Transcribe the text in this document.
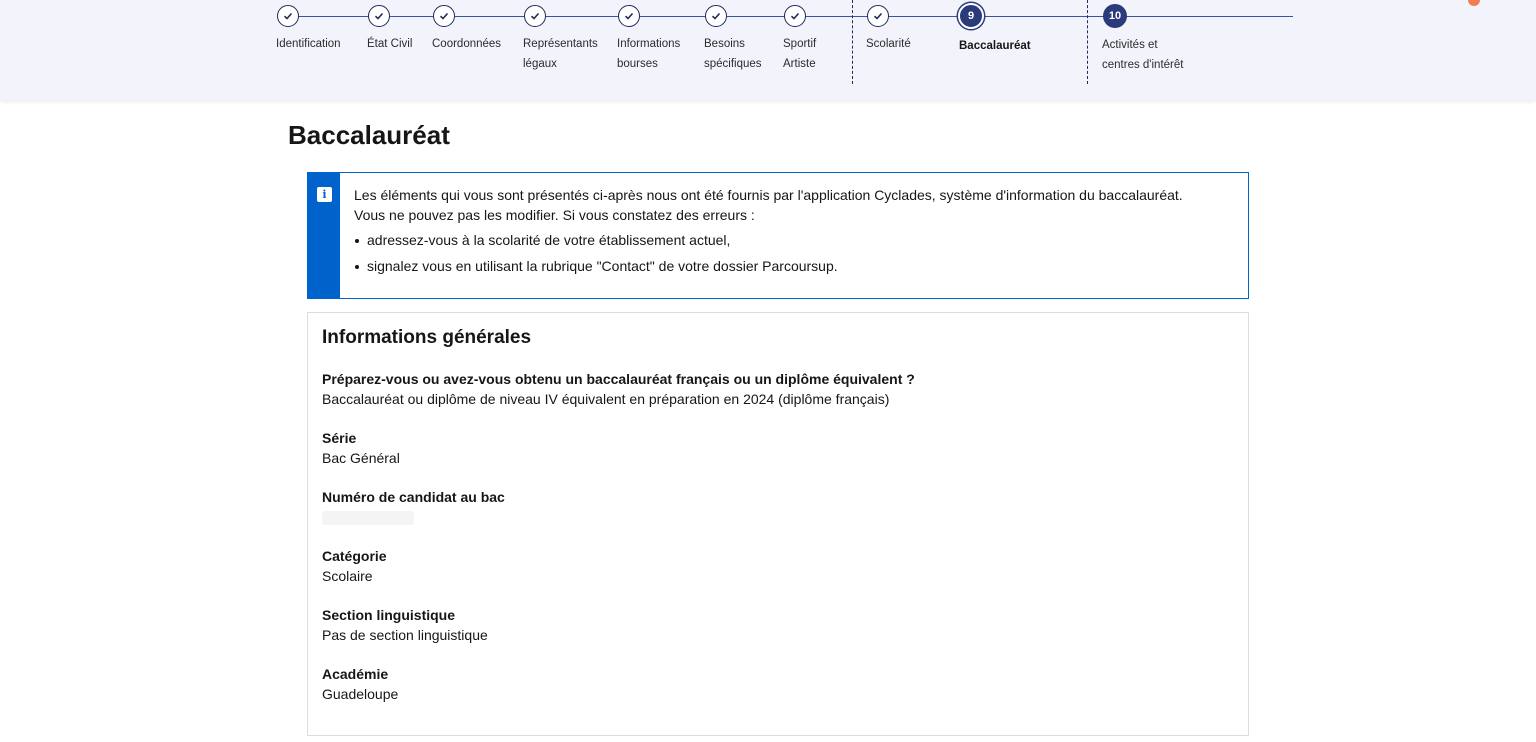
Identification État Civil Coordonnées Représentants
légaux
Informations
bourses
Besoins
spécifiques
Sportif
Artiste
Scolarité
9
Baccalauréat
10
Activités et
centres d'intérêt
Baccalauréat
i	Les éléments qui vous sont présentés ci-après nous ont été fournis par l'application Cyclades, système d'information du baccalauréat.
Vous ne pouvez pas les modifier. Si vous constatez des erreurs :
adressez-vous à la scolarité de votre établissement actuel,
signalez vous en utilisant la rubrique "Contact" de votre dossier Parcoursup.
Informations générales
Préparez-vous ou avez-vous obtenu un baccalauréat français ou un diplôme équivalent ?
Baccalauréat ou diplôme de niveau IV équivalent en préparation en 2024 (diplôme français)
Série
Bac Général
Numéro de candidat au bac
Catégorie
Scolaire
Section linguistique
Pas de section linguistique
Académie
Guadeloupe
